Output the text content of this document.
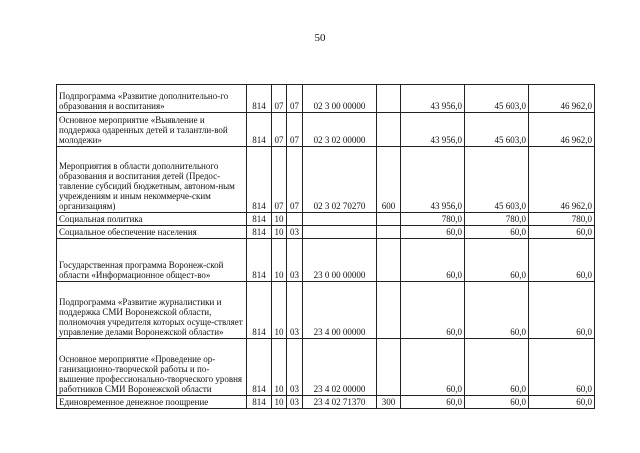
50
Подпрограмма «Развитие дополнительно-го образования и воспитания»	814	07	07	02 3 00 00000		43 956,0	45 603,0	46 962,0
Основное мероприятие «Выявление и поддержка одаренных детей и талантли-вой молодежи»	814	07	07	02 3 02 00000		43 956,0	45 603,0	46 962,0
Мероприятия в области дополнительного образования и воспитания детей (Предос-тавление субсидий бюджетным, автоном-ным учреждениям и иным некоммерче-ским организациям)	814	07	07	02 3 02 70270	600	43 956,0	45 603,0	46 962,0
Социальная политика	814	10				780,0	780,0	780,0
Социальное обеспечение населения	814	10	03			60,0	60,0	60,0
Государственная программа Воронеж-ской области «Информационное общест-во»	814	10	03	23 0 00 00000		60,0	60,0	60,0
Подпрограмма «Развитие журналистики и поддержка СМИ Воронежской области, полномочия учредителя которых осуще-ствляет управление делами Воронежской области»	814	10	03	23 4 00 00000		60,0	60,0	60,0
Основное мероприятие «Проведение ор-ганизационно-творческой работы и по-вышение профессионально-творческого уровня работников СМИ Воронежской области	814	10	03	23 4 02 00000		60,0	60,0	60,0
Единовременное денежное поощрение	814	10	03	23 4 02 71370	300	60,0	60,0	60,0
